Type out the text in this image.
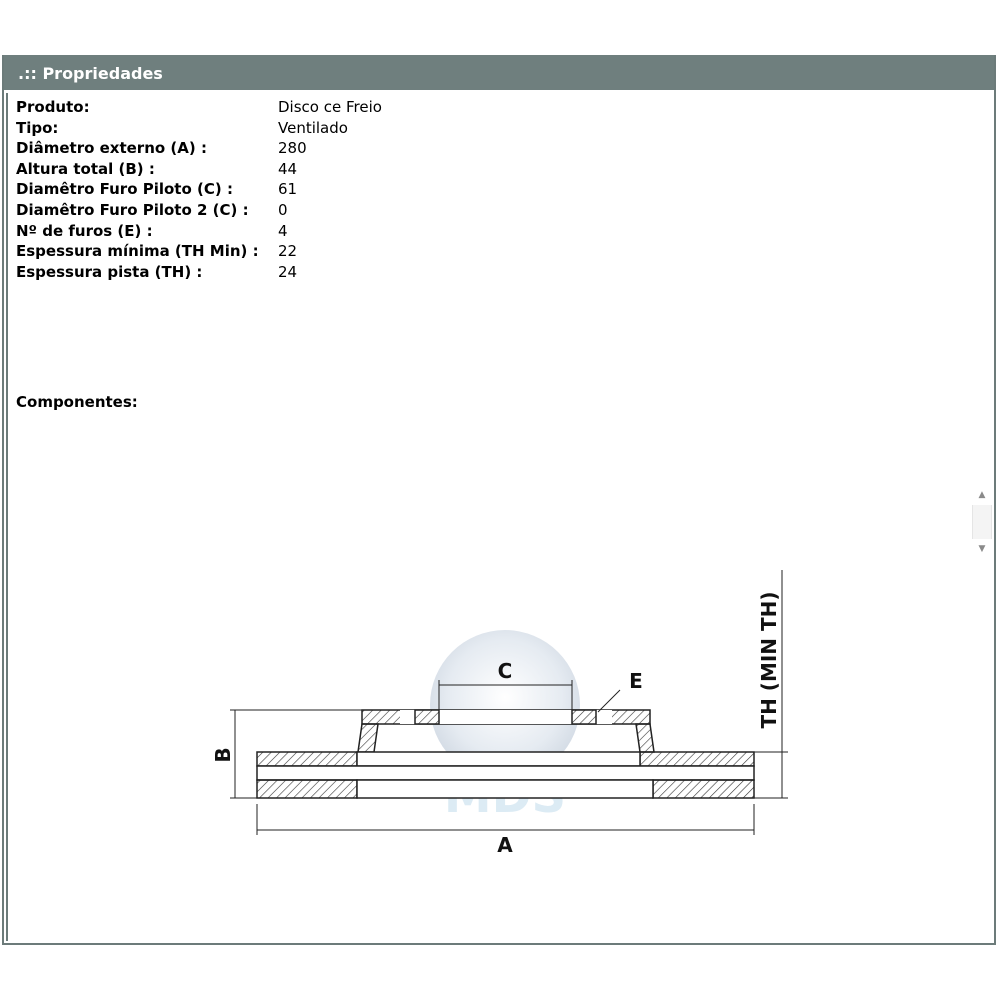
.:: Propriedades
Produto:	Disco ce Freio
Tipo:	Ventilado
Diâmetro externo (A) :	280
Altura total (B) :	44
Diamêtro Furo Piloto (C) :	61
Diamêtro Furo Piloto 2 (C) :	0
Nº de furos (E) :	4
Espessura mínima (TH Min) :	22
Espessura pista (TH) :	24
Componentes:
▲
▼
A
B
C	E	TH (MIN TH)
